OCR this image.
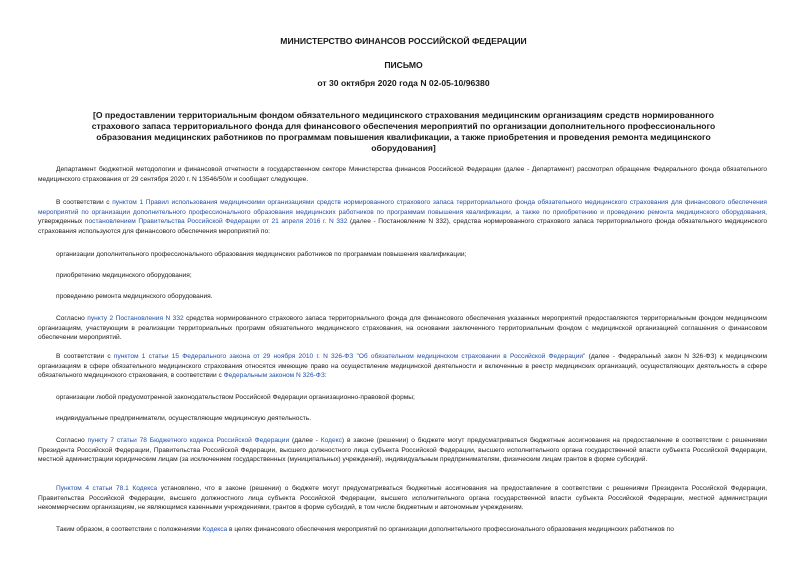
МИНИСТЕРСТВО ФИНАНСОВ РОССИЙСКОЙ ФЕДЕРАЦИИ
ПИСЬМО
от 30 октября 2020 года N 02-05-10/96380
[О предоставлении территориальным фондом обязательного медицинского страхования медицинским организациям средств нормированного страхового запаса территориального фонда для финансового обеспечения мероприятий по организации дополнительного профессионального образования медицинских работников по программам повышения квалификации, а также приобретения и проведения ремонта медицинского оборудования]
Департамент бюджетной методологии и финансовой отчетности в государственном секторе Министерства финансов Российской Федерации (далее - Департамент) рассмотрел обращение Федерального фонда обязательного медицинского страхования от 29 сентября 2020 г. N 13546/50/и и сообщает следующее.
В соответствии с пунктом 1 Правил использования медицинскими организациями средств нормированного страхового запаса территориального фонда обязательного медицинского страхования для финансового обеспечения мероприятий по организации дополнительного профессионального образования медицинских работников по программам повышения квалификации, а также по приобретению и проведению ремонта медицинского оборудования, утвержденных постановлением Правительства Российской Федерации от 21 апреля 2016 г. N 332 (далее - Постановление N 332), средства нормированного страхового запаса территориального фонда обязательного медицинского страхования используются для финансового обеспечения мероприятий по:
организации дополнительного профессионального образования медицинских работников по программам повышения квалификации;
приобретению медицинского оборудования;
проведению ремонта медицинского оборудования.
Согласно пункту 2 Постановления N 332 средства нормированного страхового запаса территориального фонда для финансового обеспечения указанных мероприятий предоставляются территориальным фондом медицинским организациям, участвующим в реализации территориальных программ обязательного медицинского страхования, на основании заключенного территориальным фондом с медицинской организацией соглашения о финансовом обеспечении мероприятий.
В соответствии с пунктом 1 статьи 15 Федерального закона от 29 ноября 2010 г. N 326-ФЗ "Об обязательном медицинском страховании в Российской Федерации" (далее - Федеральный закон N 326-ФЗ) к медицинским организациям в сфере обязательного медицинского страхования относятся имеющие право на осуществление медицинской деятельности и включенные в реестр медицинских организаций, осуществляющих деятельность в сфере обязательного медицинского страхования, в соответствии с Федеральным законом N 326-ФЗ:
организации любой предусмотренной законодательством Российской Федерации организационно-правовой формы;
индивидуальные предприниматели, осуществляющие медицинскую деятельность.
Согласно пункту 7 статьи 78 Бюджетного кодекса Российской Федерации (далее - Кодекс) в законе (решении) о бюджете могут предусматриваться бюджетные ассигнования на предоставление в соответствии с решениями Президента Российской Федерации, Правительства Российской Федерации, высшего должностного лица субъекта Российской Федерации, высшего исполнительного органа государственной власти субъекта Российской Федерации, местной администрации юридическим лицам (за исключением государственных (муниципальных) учреждений), индивидуальным предпринимателям, физическим лицам грантов в форме субсидий.
Пунктом 4 статьи 78.1 Кодекса установлено, что в законе (решении) о бюджете могут предусматриваться бюджетные ассигнования на предоставление в соответствии с решениями Президента Российской Федерации, Правительства Российской Федерации, высшего должностного лица субъекта Российской Федерации, высшего исполнительного органа государственной власти субъекта Российской Федерации, местной администрации некоммерческим организациям, не являющимся казенными учреждениями, грантов в форме субсидий, в том числе бюджетным и автономным учреждениям.
Таким образом, в соответствии с положениями Кодекса в целях финансового обеспечения мероприятий по организации дополнительного профессионального образования медицинских работников по
